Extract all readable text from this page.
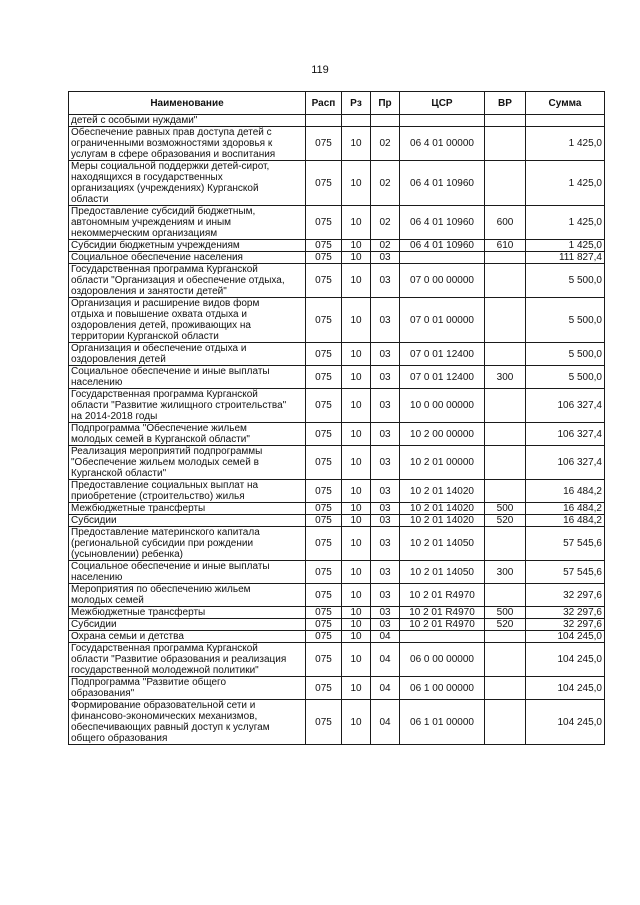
119
Наименование	Расп	Рз	Пр	ЦСР	ВР	Сумма
детей с особыми нуждами"						
Обеспечение равных прав доступа детей с
ограниченными возможностями здоровья к
услугам в сфере образования и воспитания	075	10	02	06 4 01 00000		1 425,0
Меры социальной поддержки детей-сирот,
находящихся в государственных
организациях (учреждениях) Курганской
области	075	10	02	06 4 01 10960		1 425,0
Предоставление субсидий бюджетным,
автономным учреждениям и иным
некоммерческим организациям	075	10	02	06 4 01 10960	600	1 425,0
Субсидии бюджетным учреждениям	075	10	02	06 4 01 10960	610	1 425,0
Социальное обеспечение населения	075	10	03			111 827,4
Государственная программа Курганской
области "Организация и обеспечение отдыха,
оздоровления и занятости детей"	075	10	03	07 0 00 00000		5 500,0
Организация и расширение видов форм
отдыха и повышение охвата отдыха и
оздоровления детей, проживающих на
территории Курганской области	075	10	03	07 0 01 00000		5 500,0
Организация и обеспечение отдыха и
оздоровления детей	075	10	03	07 0 01 12400		5 500,0
Социальное обеспечение и иные выплаты
населению	075	10	03	07 0 01 12400	300	5 500,0
Государственная программа Курганской
области "Развитие жилищного строительства"
на 2014-2018 годы	075	10	03	10 0 00 00000		106 327,4
Подпрограмма "Обеспечение жильем
молодых семей в Курганской области"	075	10	03	10 2 00 00000		106 327,4
Реализация мероприятий подпрограммы
"Обеспечение жильем молодых семей в
Курганской области"	075	10	03	10 2 01 00000		106 327,4
Предоставление социальных выплат на
приобретение (строительство) жилья	075	10	03	10 2 01 14020		16 484,2
Межбюджетные трансферты	075	10	03	10 2 01 14020	500	16 484,2
Субсидии	075	10	03	10 2 01 14020	520	16 484,2
Предоставление материнского капитала
(региональной субсидии при рождении
(усыновлении) ребенка)	075	10	03	10 2 01 14050		57 545,6
Социальное обеспечение и иные выплаты
населению	075	10	03	10 2 01 14050	300	57 545,6
Мероприятия по обеспечению жильем
молодых семей	075	10	03	10 2 01 R4970		32 297,6
Межбюджетные трансферты	075	10	03	10 2 01 R4970	500	32 297,6
Субсидии	075	10	03	10 2 01 R4970	520	32 297,6
Охрана семьи и детства	075	10	04			104 245,0
Государственная программа Курганской
области "Развитие образования и реализация
государственной молодежной политики"	075	10	04	06 0 00 00000		104 245,0
Подпрограмма "Развитие общего
образования"	075	10	04	06 1 00 00000		104 245,0
Формирование образовательной сети и
финансово-экономических механизмов,
обеспечивающих равный доступ к услугам
общего образования	075	10	04	06 1 01 00000		104 245,0
